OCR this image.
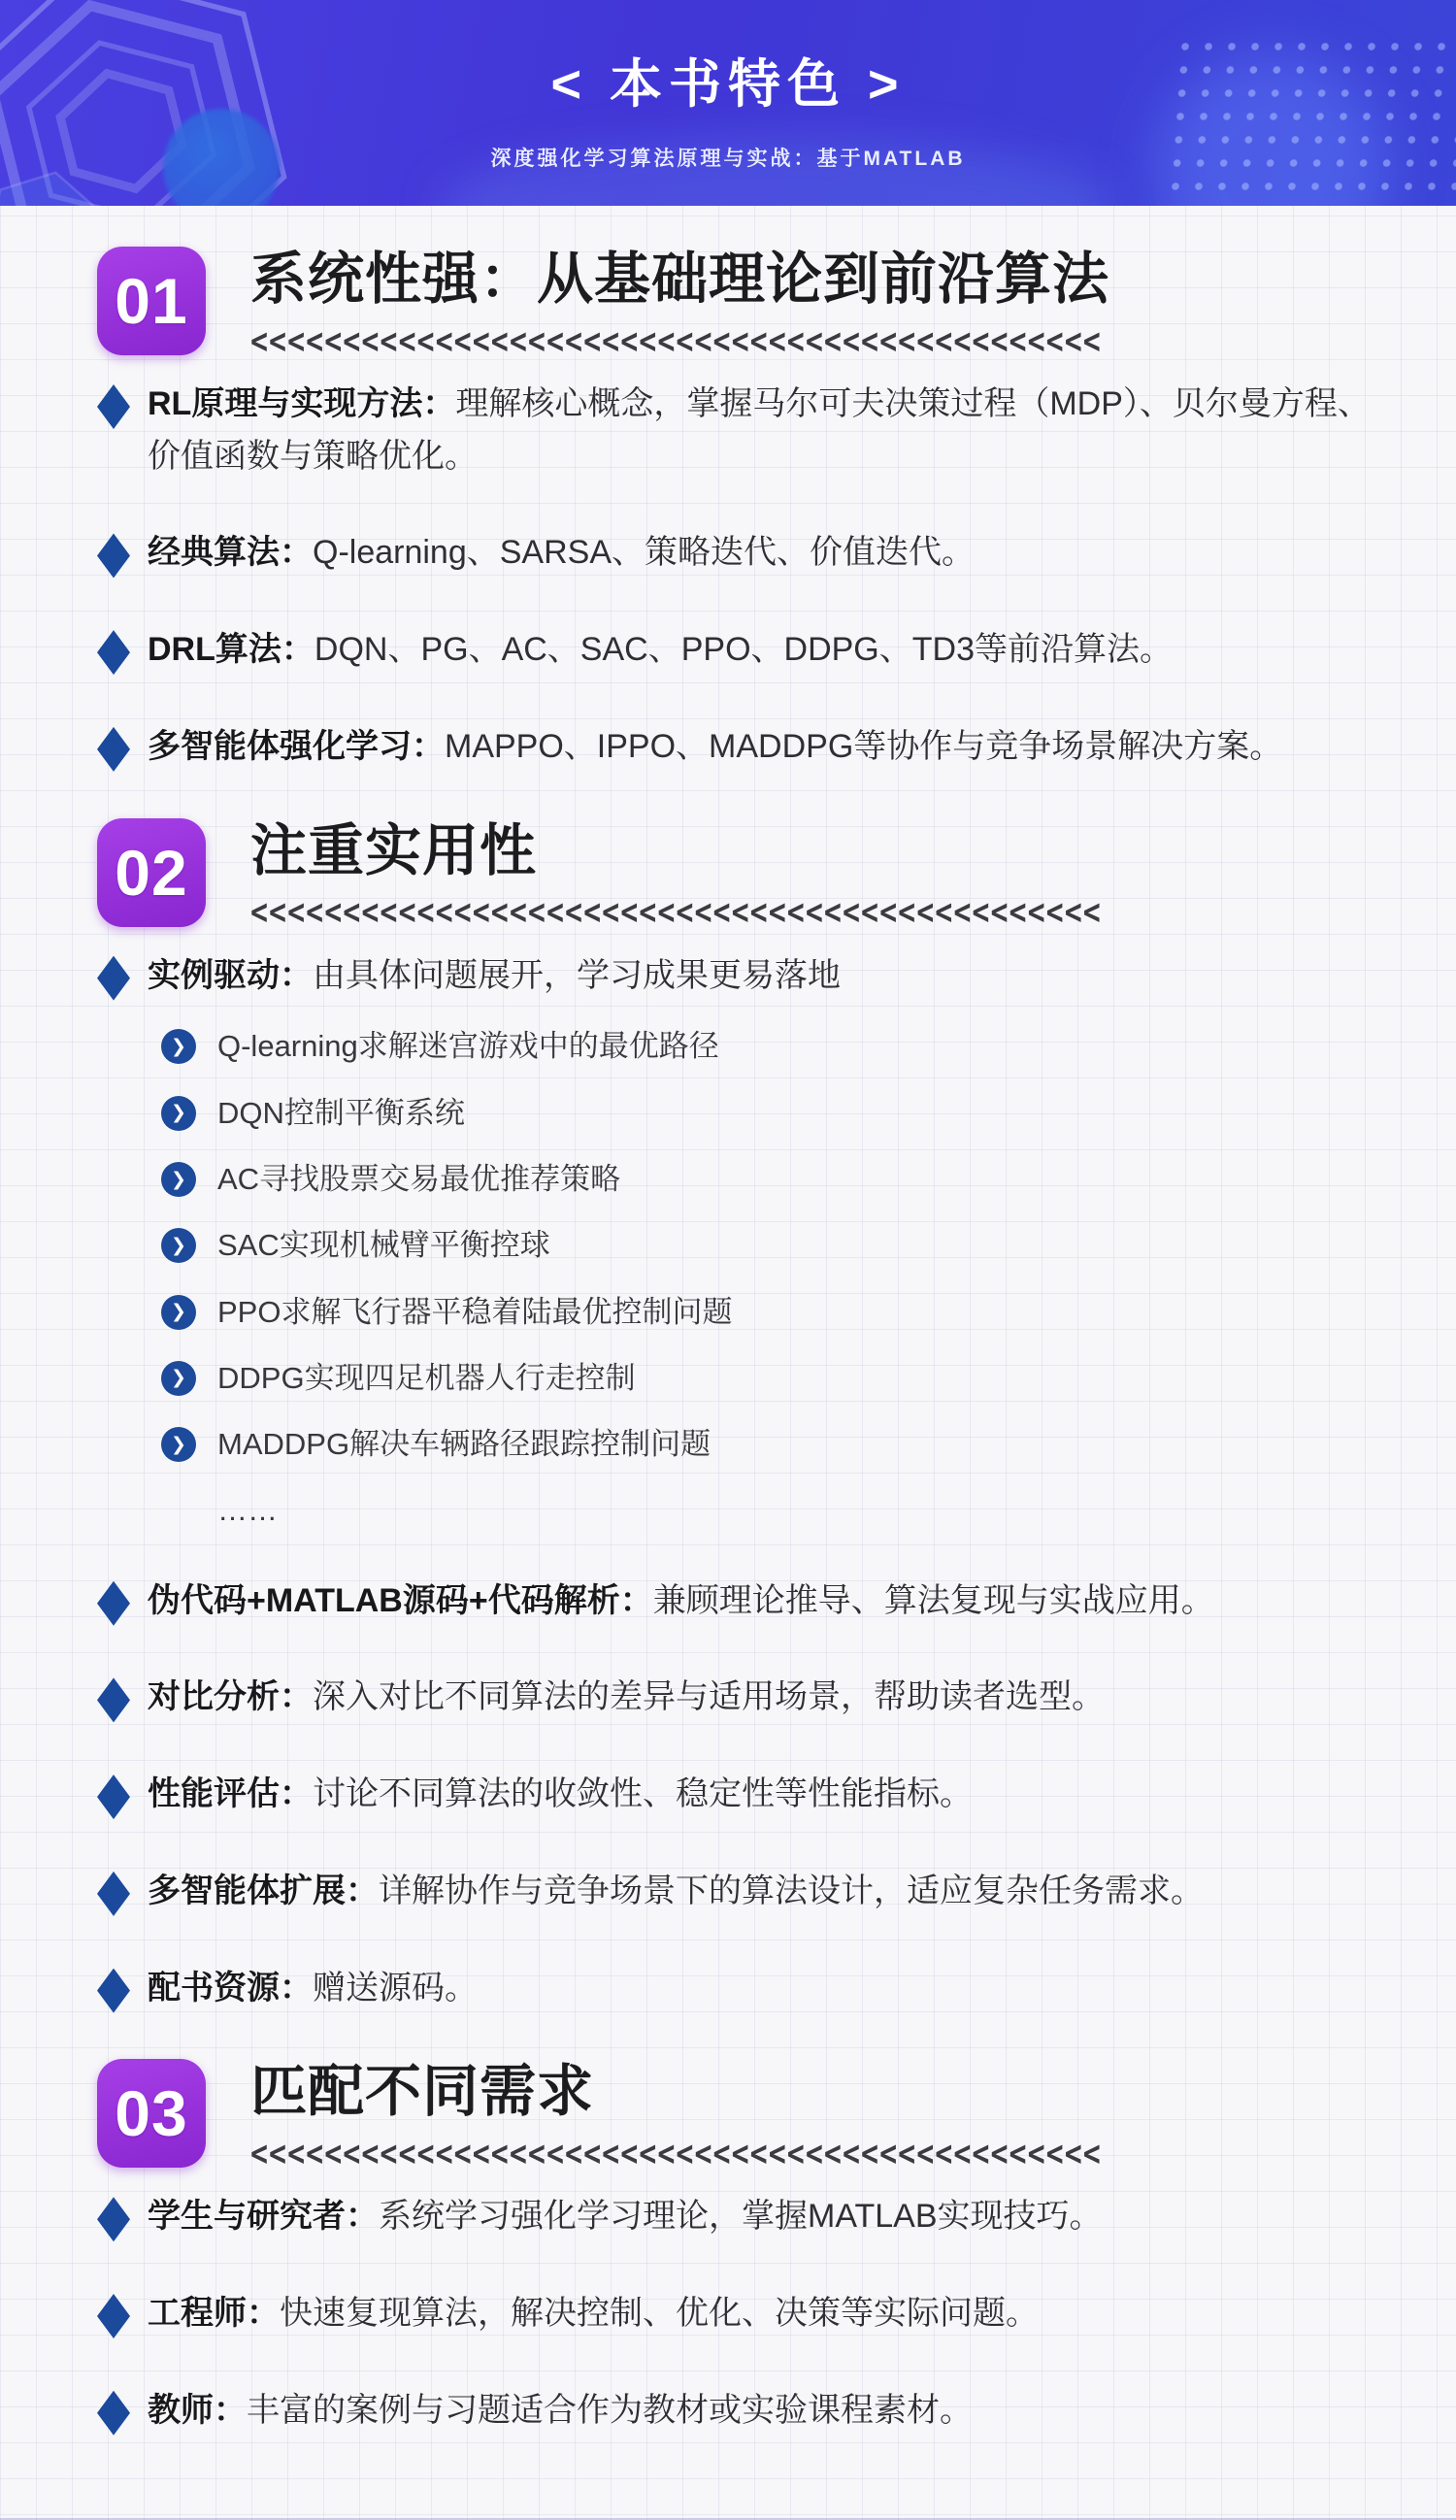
< 本书特色 >

深度强化学习算法原理与实战：基于MATLAB

01 系统性强：从基础理论到前沿算法
<<<<<<<<<<<<<<<<<<<<<<<<<<<<<<<<<<<<<<<<<<<<<<

RL原理与实现方法：理解核心概念，掌握马尔可夫决策过程（MDP）、贝尔曼方程、价值函数与策略优化。

经典算法：Q-learning、SARSA、策略迭代、价值迭代。

DRL算法：DQN、PG、AC、SAC、PPO、DDPG、TD3等前沿算法。

多智能体强化学习：MAPPO、IPPO、MADDPG等协作与竞争场景解决方案。

02 注重实用性
<<<<<<<<<<<<<<<<<<<<<<<<<<<<<<<<<<<<<<<<<<<<<<

实例驱动：由具体问题展开，学习成果更易落地

❯ Q-learning求解迷宫游戏中的最优路径
❯ DQN控制平衡系统
❯ AC寻找股票交易最优推荐策略
❯ SAC实现机械臂平衡控球
❯ PPO求解飞行器平稳着陆最优控制问题
❯ DDPG实现四足机器人行走控制
❯ MADDPG解决车辆路径跟踪控制问题
……

伪代码+MATLAB源码+代码解析：兼顾理论推导、算法复现与实战应用。

对比分析：深入对比不同算法的差异与适用场景，帮助读者选型。

性能评估：讨论不同算法的收敛性、稳定性等性能指标。

多智能体扩展：详解协作与竞争场景下的算法设计，适应复杂任务需求。

配书资源：赠送源码。

03 匹配不同需求
<<<<<<<<<<<<<<<<<<<<<<<<<<<<<<<<<<<<<<<<<<<<<<

学生与研究者：系统学习强化学习理论，掌握MATLAB实现技巧。

工程师：快速复现算法，解决控制、优化、决策等实际问题。

教师：丰富的案例与习题适合作为教材或实验课程素材。
